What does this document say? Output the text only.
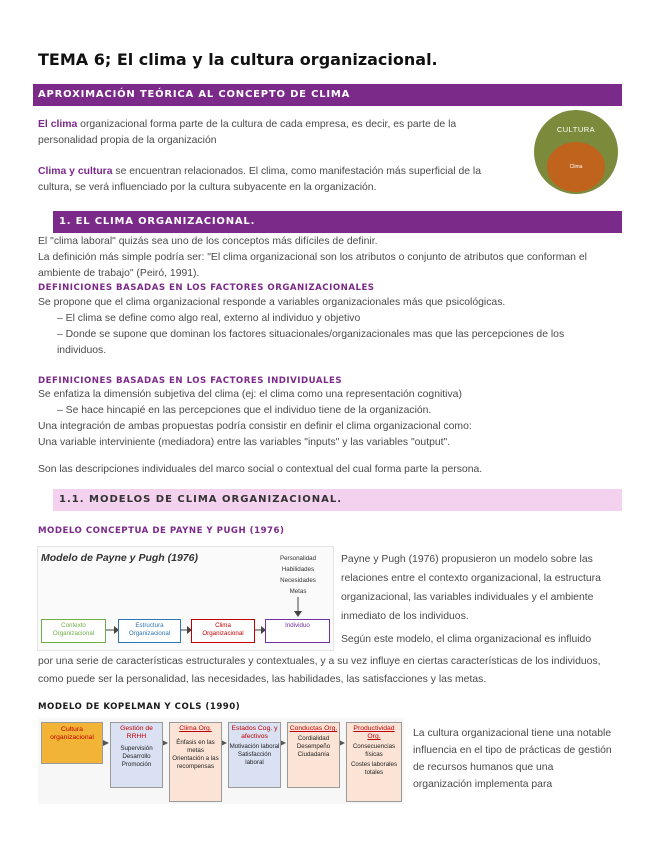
TEMA 6; El clima y la cultura organizacional.
APROXIMACIÓN TEÓRICA AL CONCEPTO DE CLIMA
El clima organizacional forma parte de la cultura de cada empresa, es decir, es parte de la personalidad propia de la organización
Clima y cultura se encuentran relacionados. El clima, como manifestación más superficial de la cultura, se verá influenciado por la cultura subyacente en la organización.
CULTURA
Clima
1. EL CLIMA ORGANIZACIONAL.
El "clima laboral" quizás sea uno de los conceptos más difíciles de definir.
La definición más simple podría ser: "El clima organizacional son los atributos o conjunto de atributos que conforman el ambiente de trabajo" (Peiró, 1991).
DEFINICIONES BASADAS EN LOS FACTORES ORGANIZACIONALES
Se propone que el clima organizacional responde a variables organizacionales más que psicológicas.
– El clima se define como algo real, externo al individuo y objetivo
– Donde se supone que dominan los factores situacionales/organizacionales mas que las percepciones de los individuos.
DEFINICIONES BASADAS EN LOS FACTORES INDIVIDUALES
Se enfatiza la dimensión subjetiva del clima (ej: el clima como una representación cognitiva)
– Se hace hincapié en las percepciones que el individuo tiene de la organización.
Una integración de ambas propuestas podría consistir en definir el clima organizacional como:
Una variable interviniente (mediadora) entre las variables "inputs" y las variables "output".
Son las descripciones individuales del marco social o contextual del cual forma parte la persona.
1.1. MODELOS DE CLIMA ORGANIZACIONAL.
MODELO CONCEPTUA DE PAYNE Y PUGH (1976)
Modelo de Payne y Pugh (1976)	Personalidad
Habilidades
Necesidades
Metas
Contexto
Organizacional
Estructura
Organizacional
Clima
Organizacional
Individuo
Payne y Pugh (1976) propusieron un modelo sobre las relaciones entre el contexto organizacional, la estructura organizacional, las variables individuales y el ambiente inmediato de los individuos.
Según este modelo, el clima organizacional es influido
por una serie de características estructurales y contextuales, y a su vez influye en ciertas características de los individuos, como puede ser la personalidad, las necesidades, las habilidades, las satisfacciones y las metas.
MODELO DE KOPELMAN Y COLS (1990)
Cultura organizacional
Gestión de RRHH
Supervisión
Desarrollo
Promoción
Clima Org.
Énfasis en las metas
Orientación a las recompensas
Estados Cog. y afectivos
Motivación laboral
Satisfacción laboral
Conductas Org.
Cordialidad
Desempeño
Ciudadanía
Productividad Org.
Consecuencias físicas
Costes laborales totales
La cultura organizacional tiene una notable influencia en el tipo de prácticas de gestión de recursos humanos que una organización implementa para
